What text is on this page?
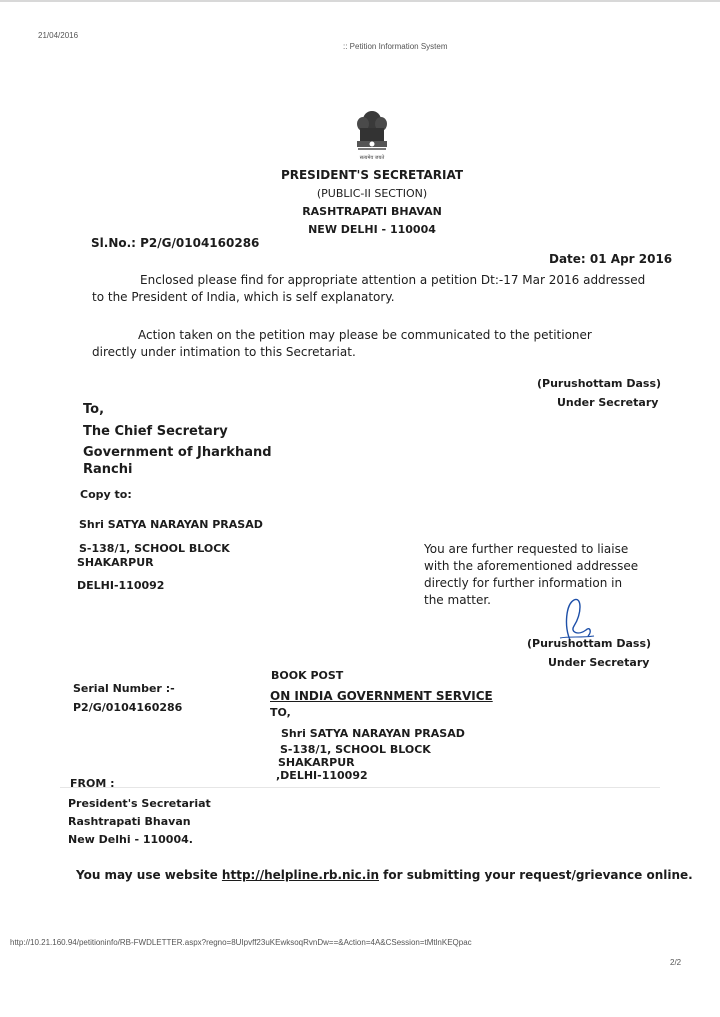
21/04/2016
:: Petition Information System
सत्यमेव जयते
PRESIDENT'S SECRETARIAT
(PUBLIC-II SECTION)
RASHTRAPATI BHAVAN
NEW DELHI - 110004
Sl.No.: P2/G/0104160286
Date: 01 Apr 2016
Enclosed please find for appropriate attention a petition Dt:-17 Mar 2016 addressed to the President of India, which is self explanatory.
Action taken on the petition may please be communicated to the petitioner directly under intimation to this Secretariat.
(Purushottam Dass)
Under Secretary
To,
The Chief Secretary
Government of Jharkhand
Ranchi
Copy to:
Shri SATYA NARAYAN PRASAD
S-138/1, SCHOOL BLOCK
SHAKARPUR
DELHI-110092
You are further requested to liaise with the aforementioned addressee directly for further information in the matter.
(Purushottam Dass)
Under Secretary
BOOK POST
ON INDIA GOVERNMENT SERVICE
Serial Number :-
P2/G/0104160286	TO,
Shri SATYA NARAYAN PRASAD
S-138/1, SCHOOL BLOCK
SHAKARPUR
,DELHI-110092
FROM :
President's Secretariat
Rashtrapati Bhavan
New Delhi - 110004.
You may use website http://helpline.rb.nic.in for submitting your request/grievance online.
http://10.21.160.94/petitioninfo/RB-FWDLETTER.aspx?regno=8UIpvff23uKEwksoqRvnDw==&Action=4A&CSession=tMtlnKEQpac
2/2
